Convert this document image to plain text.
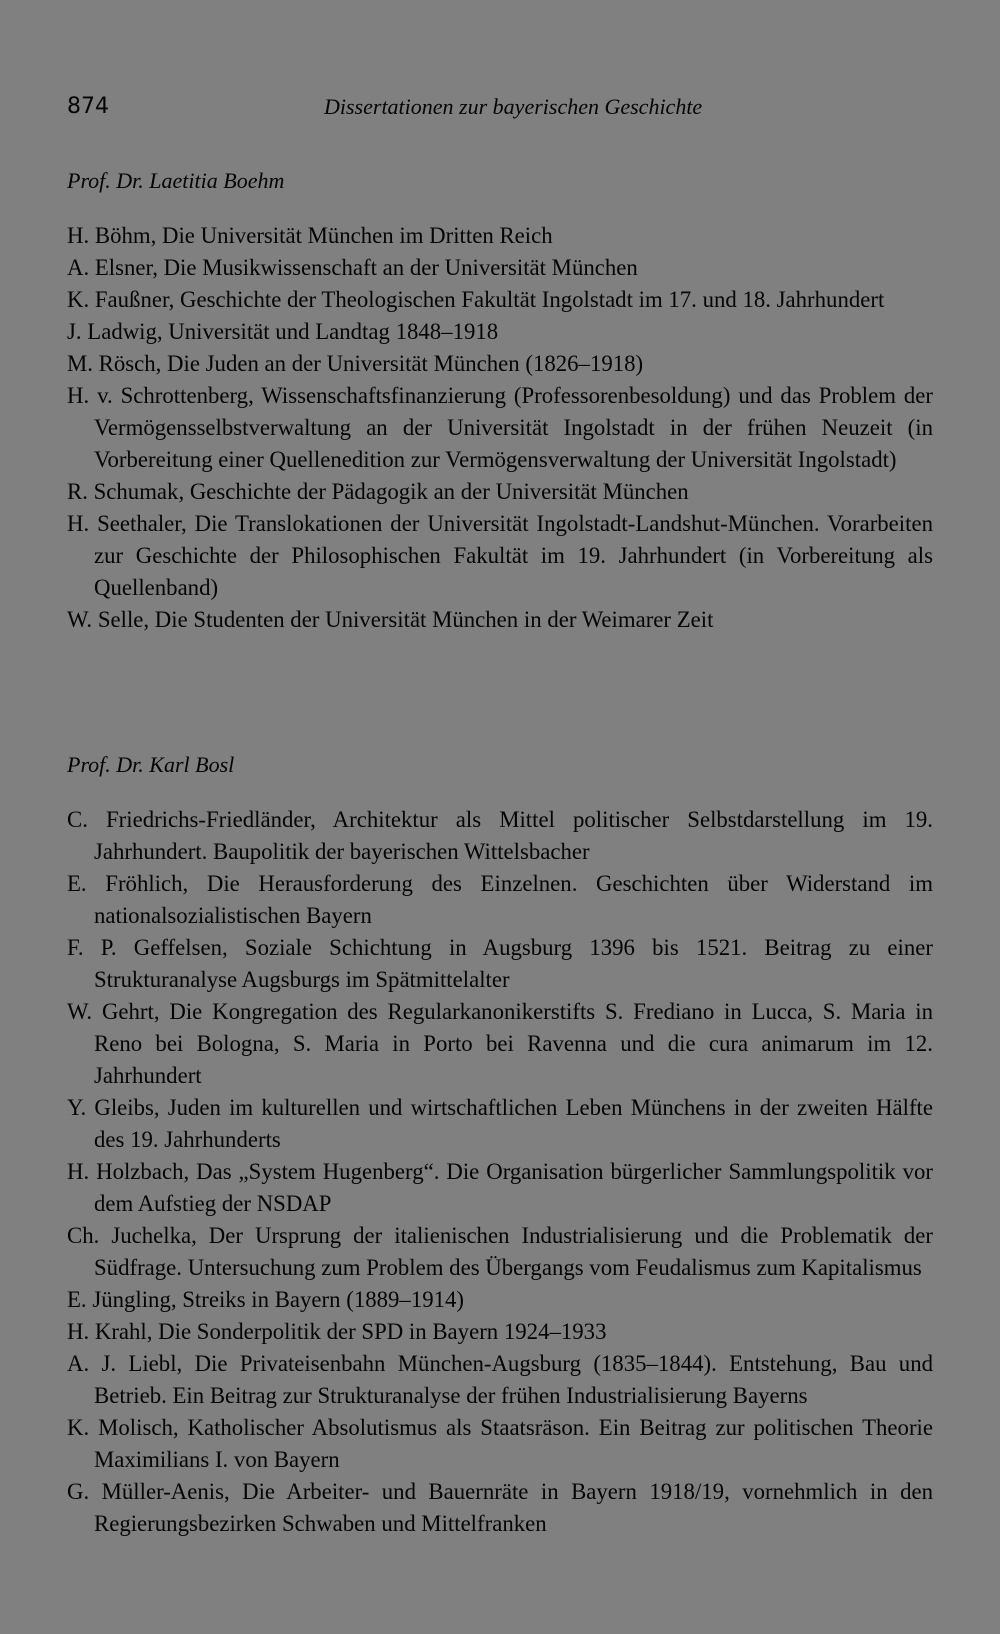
874	Dissertationen zur bayerischen Geschichte
Prof. Dr. Laetitia Boehm
H. Böhm, Die Universität München im Dritten Reich
A. Elsner, Die Musikwissenschaft an der Universität München
K. Faußner, Geschichte der Theologischen Fakultät Ingolstadt im 17. und 18. Jahrhundert
J. Ladwig, Universität und Landtag 1848–1918
M. Rösch, Die Juden an der Universität München (1826–1918)
H. v. Schrottenberg, Wissenschaftsfinanzierung (Professorenbesoldung) und das Problem der Vermögensselbstverwaltung an der Universität Ingolstadt in der frühen Neuzeit (in Vorbereitung einer Quellenedition zur Vermögensverwaltung der Universität Ingolstadt)
R. Schumak, Geschichte der Pädagogik an der Universität München
H. Seethaler, Die Translokationen der Universität Ingolstadt-Landshut-München. Vorarbeiten zur Geschichte der Philosophischen Fakultät im 19. Jahrhundert (in Vorbereitung als Quellenband)
W. Selle, Die Studenten der Universität München in der Weimarer Zeit
Prof. Dr. Karl Bosl
C. Friedrichs-Friedländer, Architektur als Mittel politischer Selbstdarstellung im 19. Jahrhundert. Baupolitik der bayerischen Wittelsbacher
E. Fröhlich, Die Herausforderung des Einzelnen. Geschichten über Widerstand im nationalsozialistischen Bayern
F. P. Geffelsen, Soziale Schichtung in Augsburg 1396 bis 1521. Beitrag zu einer Strukturanalyse Augsburgs im Spätmittelalter
W. Gehrt, Die Kongregation des Regularkanonikerstifts S. Frediano in Lucca, S. Maria in Reno bei Bologna, S. Maria in Porto bei Ravenna und die cura animarum im 12. Jahrhundert
Y. Gleibs, Juden im kulturellen und wirtschaftlichen Leben Münchens in der zweiten Hälfte des 19. Jahrhunderts
H. Holzbach, Das „System Hugenberg“. Die Organisation bürgerlicher Sammlungspolitik vor dem Aufstieg der NSDAP
Ch. Juchelka, Der Ursprung der italienischen Industrialisierung und die Problematik der Südfrage. Untersuchung zum Problem des Übergangs vom Feudalismus zum Kapitalismus
E. Jüngling, Streiks in Bayern (1889–1914)
H. Krahl, Die Sonderpolitik der SPD in Bayern 1924–1933
A. J. Liebl, Die Privateisenbahn München-Augsburg (1835–1844). Entstehung, Bau und Betrieb. Ein Beitrag zur Strukturanalyse der frühen Industrialisierung Bayerns
K. Molisch, Katholischer Absolutismus als Staatsräson. Ein Beitrag zur politischen Theorie Maximilians I. von Bayern
G. Müller-Aenis, Die Arbeiter- und Bauernräte in Bayern 1918/19, vornehmlich in den Regierungsbezirken Schwaben und Mittelfranken
